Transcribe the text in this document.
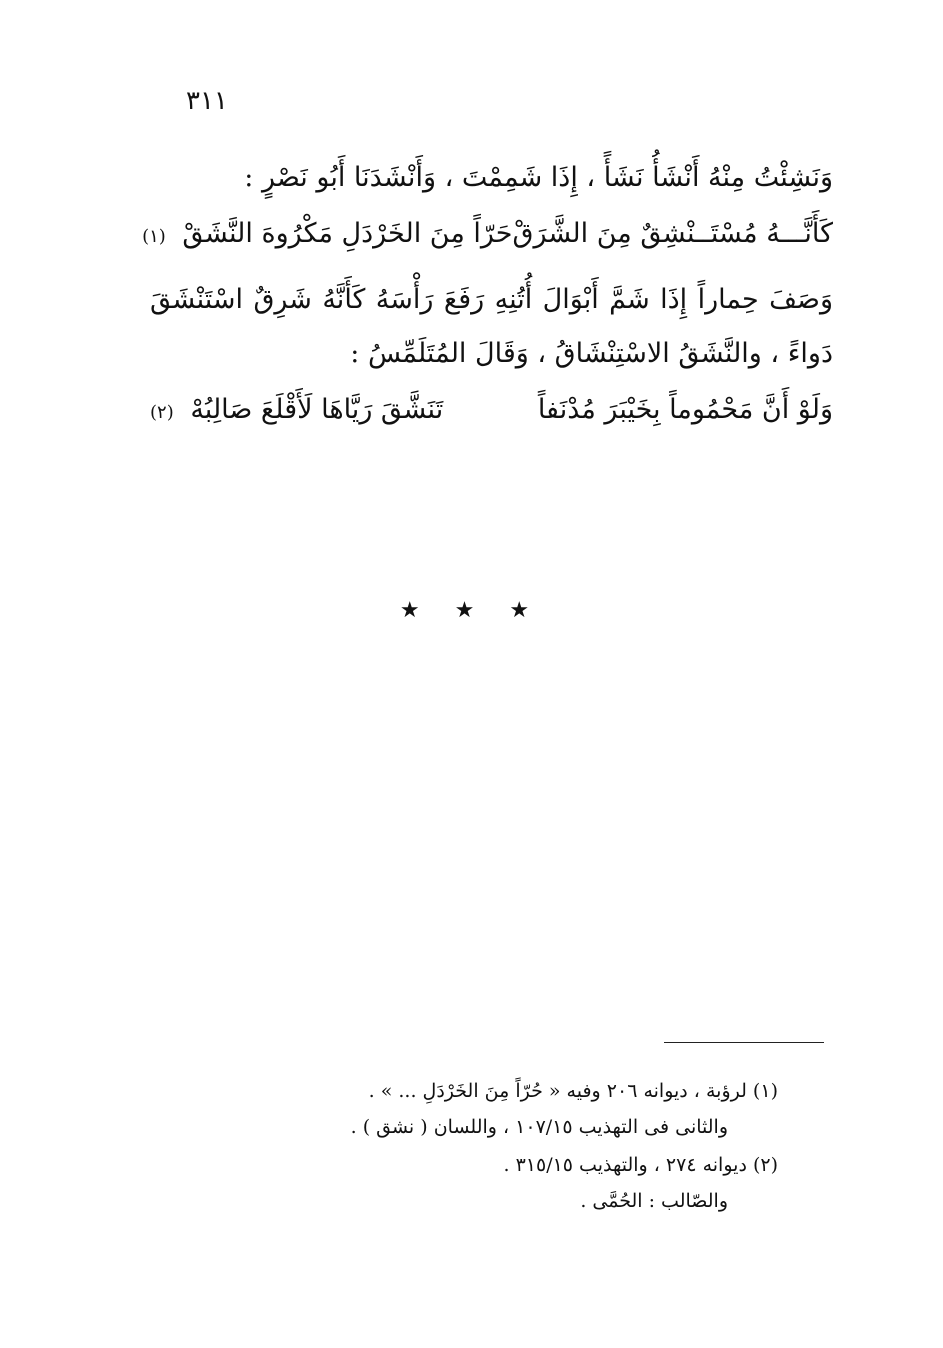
٣١١
وَنَشِئْتُ مِنْهُ أَنْشَأُ نَشَأً ، إِذَا شَمِمْتَ ، وَأَنْشَدَنَا أَبُو نَصْرٍ :
كَأَنَّـــهُ مُسْتَــنْشِقٌ مِنَ الشَّرَقْ
حَرّاً مِنَ الخَرْدَلِ مَكْرُوهَ النَّشَقْ (١)
وَصَفَ حِماراً إِذَا شَمَّ أَبْوَالَ أُتُنِهِ رَفَعَ رَأْسَهُ كَأَنَّهُ شَرِقٌ اسْتَنْشَقَ
دَواءً ، والنَّشَقُ الاسْتِنْشَاقُ ، وَقَالَ المُتَلَمِّسُ :
وَلَوْ أَنَّ مَحْمُوماً بِخَيْبَرَ مُدْنَفاً
تَنَشَّقَ رَيَّاهَا لَأَقْلَعَ صَالِبُهْ (٢)
★ ★ ★
(١) لرؤبة ، ديوانه ٢٠٦ وفيه « حُرّاً مِنَ الخَرْدَلِ ... » .
والثانى فى التهذيب ١٠٧/١٥ ، واللسان ( نشق ) .
(٢) ديوانه ٢٧٤ ، والتهذيب ٣١٥/١٥ .
والصّالب : الحُمَّى .
